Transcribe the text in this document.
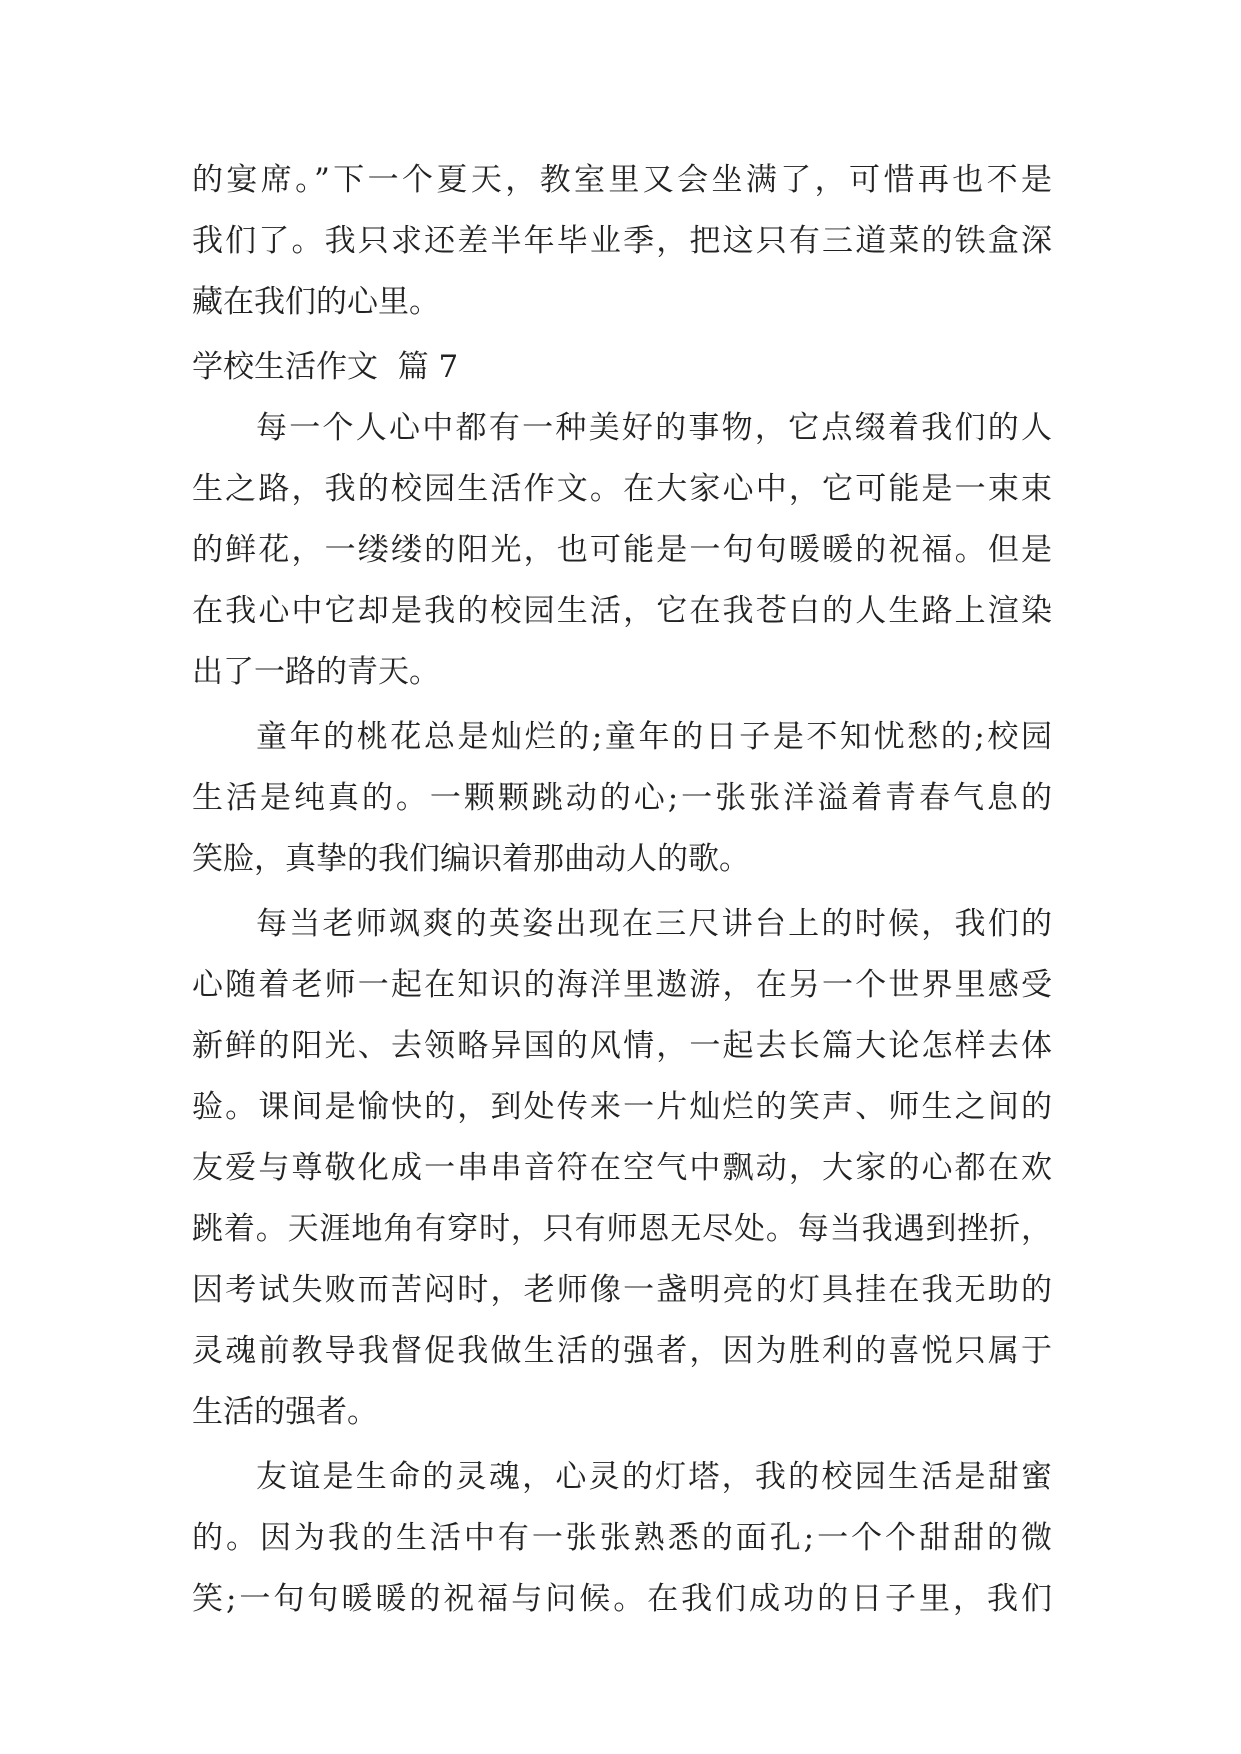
的宴席。”下一个夏天，教室里又会坐满了，可惜再也不是
我们了。我只求还差半年毕业季，把这只有三道菜的铁盒深
藏在我们的心里。
学校生活作文  篇 7
每一个人心中都有一种美好的事物，它点缀着我们的人
生之路，我的校园生活作文。在大家心中，它可能是一束束
的鲜花，一缕缕的阳光，也可能是一句句暖暖的祝福。但是
在我心中它却是我的校园生活，它在我苍白的人生路上渲染
出了一路的青天。
童年的桃花总是灿烂的;童年的日子是不知忧愁的;校园
生活是纯真的。一颗颗跳动的心;一张张洋溢着青春气息的
笑脸，真挚的我们编识着那曲动人的歌。
每当老师飒爽的英姿出现在三尺讲台上的时候，我们的
心随着老师一起在知识的海洋里遨游，在另一个世界里感受
新鲜的阳光、去领略异国的风情，一起去长篇大论怎样去体
验。课间是愉快的，到处传来一片灿烂的笑声、师生之间的
友爱与尊敬化成一串串音符在空气中飘动，大家的心都在欢
跳着。天涯地角有穿时，只有师恩无尽处。每当我遇到挫折，
因考试失败而苦闷时，老师像一盏明亮的灯具挂在我无助的
灵魂前教导我督促我做生活的强者，因为胜利的喜悦只属于
生活的强者。
友谊是生命的灵魂，心灵的灯塔，我的校园生活是甜蜜
的。因为我的生活中有一张张熟悉的面孔;一个个甜甜的微
笑;一句句暖暖的祝福与问候。在我们成功的日子里，我们
